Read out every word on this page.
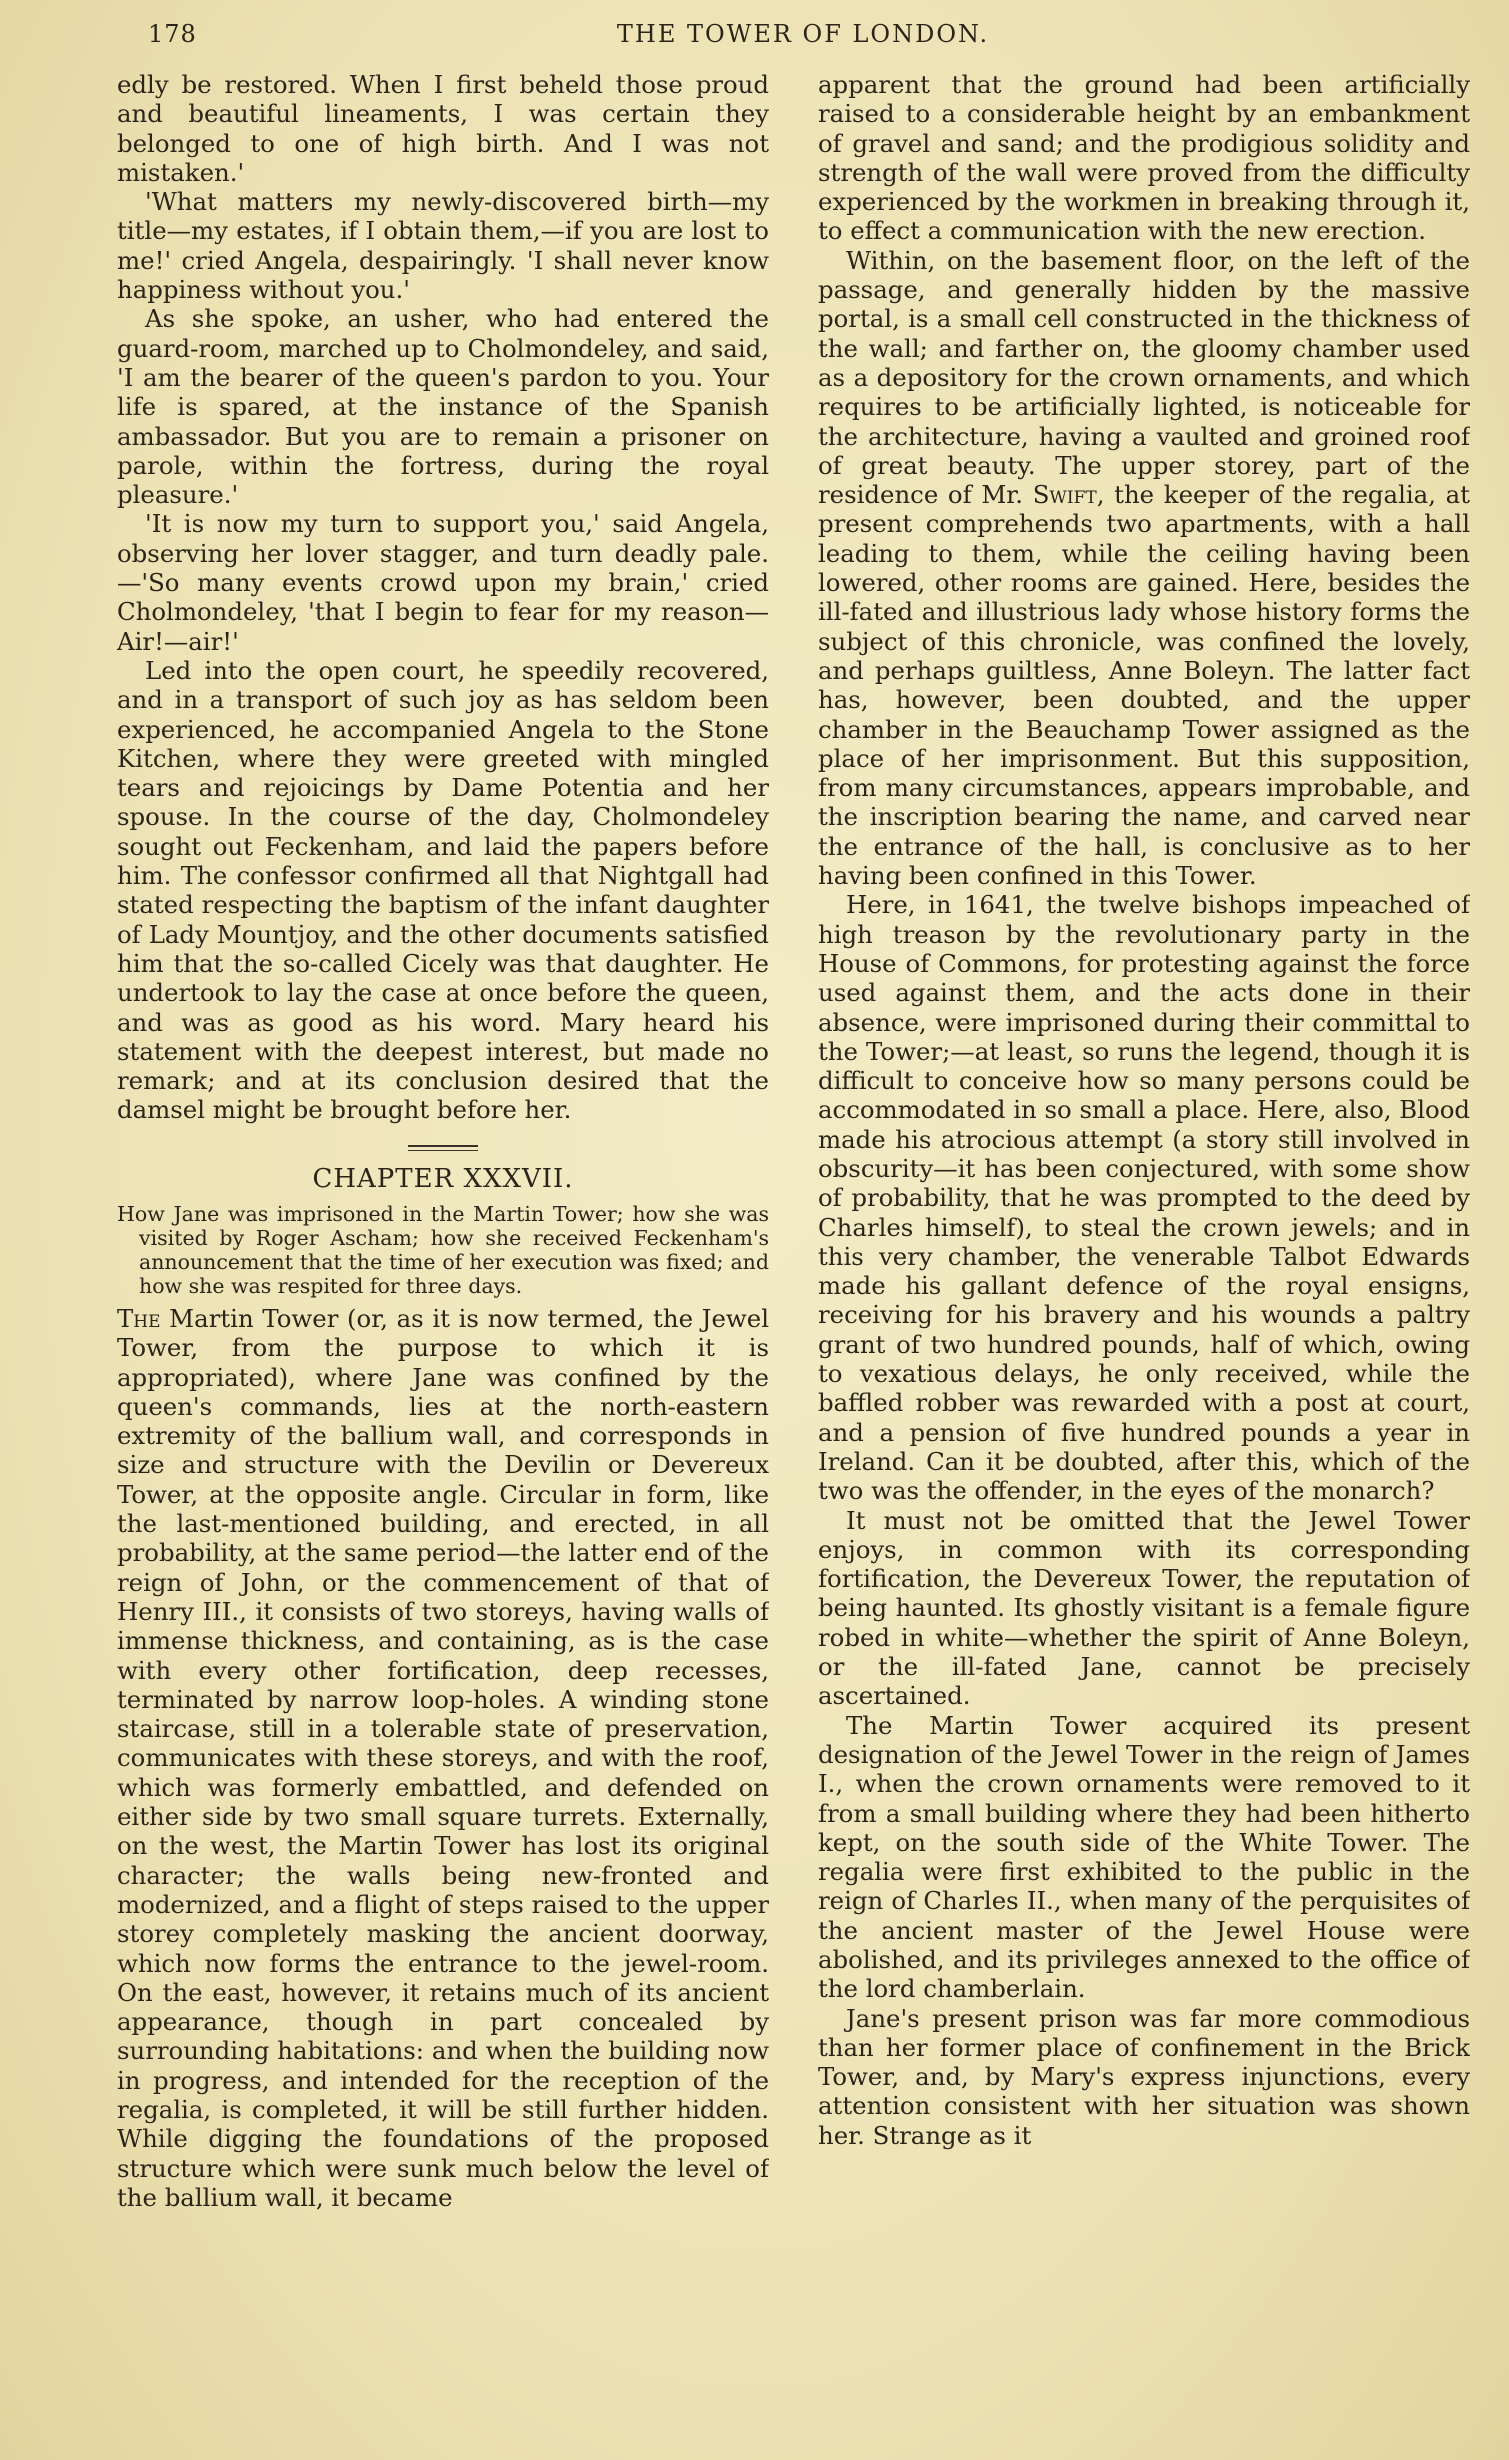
178	THE TOWER OF LONDON.

edly be restored. When I first beheld those proud and beautiful lineaments, I was certain they belonged to one of high birth. And I was not mistaken.'

'What matters my newly-discovered birth—my title—my estates, if I obtain them,—if you are lost to me!' cried Angela, despairingly. 'I shall never know happiness without you.'

As she spoke, an usher, who had entered the guard-room, marched up to Cholmondeley, and said, 'I am the bearer of the queen's pardon to you. Your life is spared, at the instance of the Spanish ambassador. But you are to remain a prisoner on parole, within the fortress, during the royal pleasure.'

'It is now my turn to support you,' said Angela, observing her lover stagger, and turn deadly pale.—'So many events crowd upon my brain,' cried Cholmondeley, 'that I begin to fear for my reason—Air!—air!'

Led into the open court, he speedily recovered, and in a transport of such joy as has seldom been experienced, he accompanied Angela to the Stone Kitchen, where they were greeted with mingled tears and rejoicings by Dame Potentia and her spouse. In the course of the day, Cholmondeley sought out Feckenham, and laid the papers before him. The confessor confirmed all that Nightgall had stated respecting the baptism of the infant daughter of Lady Mountjoy, and the other documents satisfied him that the so-called Cicely was that daughter. He undertook to lay the case at once before the queen, and was as good as his word. Mary heard his statement with the deepest interest, but made no remark; and at its conclusion desired that the damsel might be brought before her.

CHAPTER XXXVII.
How Jane was imprisoned in the Martin Tower; how she was visited by Roger Ascham; how she received Feckenham's announcement that the time of her execution was fixed; and how she was respited for three days.

The Martin Tower (or, as it is now termed, the Jewel Tower, from the purpose to which it is appropriated), where Jane was confined by the queen's commands, lies at the north-eastern extremity of the ballium wall, and corresponds in size and structure with the Devilin or Devereux Tower, at the opposite angle. Circular in form, like the last-mentioned building, and erected, in all probability, at the same period—the latter end of the reign of John, or the commencement of that of Henry III., it consists of two storeys, having walls of immense thickness, and containing, as is the case with every other fortification, deep recesses, terminated by narrow loop-holes. A winding stone staircase, still in a tolerable state of preservation, communicates with these storeys, and with the roof, which was formerly embattled, and defended on either side by two small square turrets. Externally, on the west, the Martin Tower has lost its original character; the walls being new-fronted and modernized, and a flight of steps raised to the upper storey completely masking the ancient doorway, which now forms the entrance to the jewel-room. On the east, however, it retains much of its ancient appearance, though in part concealed by surrounding habitations: and when the building now in progress, and intended for the reception of the regalia, is completed, it will be still further hidden. While digging the foundations of the proposed structure which were sunk much below the level of the ballium wall, it became

apparent that the ground had been artificially raised to a considerable height by an embankment of gravel and sand; and the prodigious solidity and strength of the wall were proved from the difficulty experienced by the workmen in breaking through it, to effect a communication with the new erection.

Within, on the basement floor, on the left of the passage, and generally hidden by the massive portal, is a small cell constructed in the thickness of the wall; and farther on, the gloomy chamber used as a depository for the crown ornaments, and which requires to be artificially lighted, is noticeable for the architecture, having a vaulted and groined roof of great beauty. The upper storey, part of the residence of Mr. Swift, the keeper of the regalia, at present comprehends two apartments, with a hall leading to them, while the ceiling having been lowered, other rooms are gained. Here, besides the ill-fated and illustrious lady whose history forms the subject of this chronicle, was confined the lovely, and perhaps guiltless, Anne Boleyn. The latter fact has, however, been doubted, and the upper chamber in the Beauchamp Tower assigned as the place of her imprisonment. But this supposition, from many circumstances, appears improbable, and the inscription bearing the name, and carved near the entrance of the hall, is conclusive as to her having been confined in this Tower.

Here, in 1641, the twelve bishops impeached of high treason by the revolutionary party in the House of Commons, for protesting against the force used against them, and the acts done in their absence, were imprisoned during their committal to the Tower;—at least, so runs the legend, though it is difficult to conceive how so many persons could be accommodated in so small a place. Here, also, Blood made his atrocious attempt (a story still involved in obscurity—it has been conjectured, with some show of probability, that he was prompted to the deed by Charles himself), to steal the crown jewels; and in this very chamber, the venerable Talbot Edwards made his gallant defence of the royal ensigns, receiving for his bravery and his wounds a paltry grant of two hundred pounds, half of which, owing to vexatious delays, he only received, while the baffled robber was rewarded with a post at court, and a pension of five hundred pounds a year in Ireland. Can it be doubted, after this, which of the two was the offender, in the eyes of the monarch?

It must not be omitted that the Jewel Tower enjoys, in common with its corresponding fortification, the Devereux Tower, the reputation of being haunted. Its ghostly visitant is a female figure robed in white—whether the spirit of Anne Boleyn, or the ill-fated Jane, cannot be precisely ascertained.

The Martin Tower acquired its present designation of the Jewel Tower in the reign of James I., when the crown ornaments were removed to it from a small building where they had been hitherto kept, on the south side of the White Tower. The regalia were first exhibited to the public in the reign of Charles II., when many of the perquisites of the ancient master of the Jewel House were abolished, and its privileges annexed to the office of the lord chamberlain.

Jane's present prison was far more commodious than her former place of confinement in the Brick Tower, and, by Mary's express injunctions, every attention consistent with her situation was shown her. Strange as it
